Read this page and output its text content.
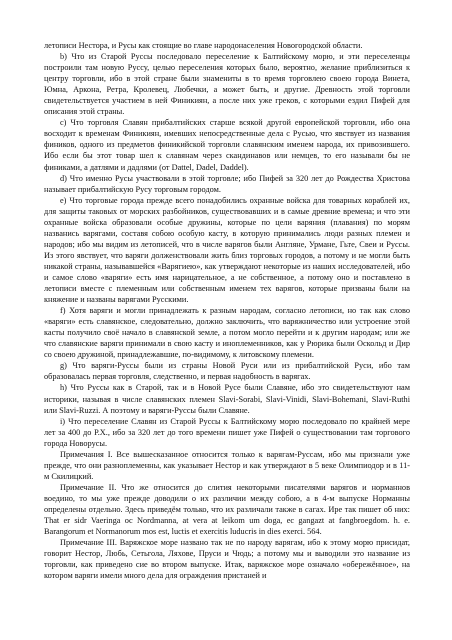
летописи Нестора, и Русы как стоящие во главе народонаселения Новогородской области.

b) Что из Старой Руссы последовало переселение к Балтийскому морю, и эти переселенцы построили там новую Руссу, целью переселения которых было, вероятно, желание приблизиться к центру торговли, ибо в этой стране были знамениты в то время торговлею своею города Винета, Юмна, Аркона, Ретра, Кролевец, Любечки, а может быть, и другие. Древность этой торговли свидетельствуется участием в ней Финикиян, а после них уже греков, с которыми ездил Пифей для описания этой страны.

c) Что торговля Славян прибалтийских старше всякой другой европейской торговли, ибо она восходит к временам Финикиян, имевших непосредственные дела с Русью, что явствует из названия фиников, одного из предметов финикийской торговли славянским именем народа, их привозившего. Ибо если бы этот товар шел к славянам через скандинавов или немцев, то его называли бы не финиками, а датлями и дадлями (от Dattel, Dadel, Daddel).

d) Что именно Русы участвовали в этой торговле; ибо Пифей за 320 лет до Рождества Христова называет прибалтийскую Русу торговым городом.

e) Что торговые города прежде всего понадобились охранные войска для товарных кораблей их, для защиты таковых от морских разбойников, существовавших и в самые древние времена; и что эти охранные войска образовали особые дружины, которые по цели варяния (плавания) по морям названись варягами, составя собою особую касту, в которую принимались люди разных племен и народов; ибо мы видим из летописей, что в числе варягов были Англяне, Урмане, Гьте, Свеи и Руссы. Из этого явствует, что варяги долженствовали жить близ торговых городов, а потому и не могли быть никакой страны, называвшейся «Варягиею», как утверждают некоторые из наших исследователей, ибо и самое слово «варяги» есть имя нарицательное, а не собственное, а потому оно и поставлено в летописи вместе с племенным или собственным именем тех варягов, которые призваны были на княжение и названы варягами Русскими.

f) Хотя варяги и могли принадлежать к разным народам, согласно летописи, но так как слово «варяги» есть славянское, следовательно, должно заключить, что варяжничество или устроение этой касты получило своё начало в славянской земле, а потом могло перейти и к другим народам; или же что славянские варяги принимали в свою касту и иноплеменников, как у Рюрика были Оскольд и Дир со своею дружиной, принадлежавшие, по-видимому, к литовскому племени.

g) Что варяги-Руссы были из страны Новой Руси или из прибалтийской Руси, ибо там образовалась первая торговля, следственно, и первая надобность в варягах.

h) Что Руссы как в Старой, так и в Новой Русе были Славяне, ибо это свидетельствуют нам историки, называя в числе славянских племен Slavi-Sorabi, Slavi-Vinidi, Slavi-Bohemani, Slavi-Ruthi или Slavi-Ruzzi. А поэтому и варяги-Руссы были Славяне.

i) Что переселение Славян из Старой Руссы к Балтийскому морю последовало по крайней мере лет за 400 до Р.Х., ибо за 320 лет до того времени пишет уже Пифей о существовании там торгового города Новорусы.

Примечания I. Все вышесказанное относится только к варягам-Руссам, ибо мы признали уже прежде, что они разноплеменны, как указывает Нестор и как утверждают в 5 веке Олимпиодор и в 11-м Скилицкий.

Примечание II. Что же относится до слития некоторыми писателями варягов и норманнов воедино, то мы уже прежде доводили о их различии между собою, а в 4-м выпуске Норманны определены отдельно. Здесь приведём только, что их различали также в сагах. Ире так пишет об них: That er sidr Vaeringa oc Nordmanna, at vera at leikom um doga, ec gangazt at fangbroegdom. h. e. Barangorum et Normanorum mos est, luctis et exercitis luducris in dies exerci. 564.

Примечание III. Варяжское море названо так не по народу варягам, ибо к этому морю присидат, говорит Нестор, Любь, Сетьгола, Ляхове, Пруси и Чюдь; а потому мы и выводили это название из торговли, как приведено сие во втором выпуске. Итак, варяжское море означало «обережённое», на котором варяги имели много дела для ограждения пристаней и
